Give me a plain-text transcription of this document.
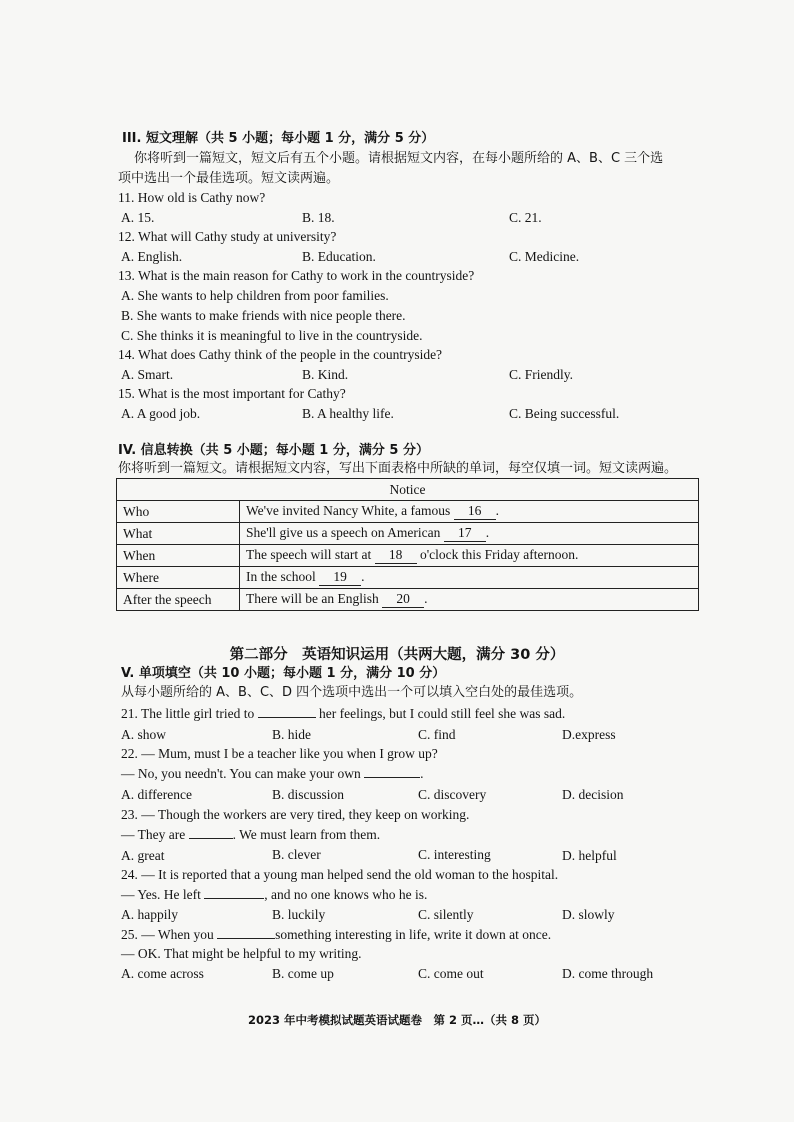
III. 短文理解（共 5 小题；每小题 1 分，满分 5 分）
你将听到一篇短文，短文后有五个小题。请根据短文内容，在每小题所给的 A、B、C 三个选
项中选出一个最佳选项。短文读两遍。
11. How old is Cathy now?
A. 15.	B. 18.	C. 21.
12. What will Cathy study at university?
A. English.	B. Education.	C. Medicine.
13. What is the main reason for Cathy to work in the countryside?
A. She wants to help children from poor families.
B. She wants to make friends with nice people there.
C. She thinks it is meaningful to live in the countryside.
14. What does Cathy think of the people in the countryside?
A. Smart.	B. Kind.	C. Friendly.
15. What is the most important for Cathy?
A. A good job.	B. A healthy life.	C. Being successful.
IV. 信息转换（共 5 小题；每小题 1 分，满分 5 分）
你将听到一篇短文。请根据短文内容，写出下面表格中所缺的单词，每空仅填一词。短文读两遍。
Notice	
Who	We've invited Nancy White, a famous 16 .
What	She'll give us a speech on American 17 .
When	The speech will start at 18 o'clock this Friday afternoon.
Where	In the school 19 .
After the speech	There will be an English 20 .
第二部分　英语知识运用（共两大题，满分 30 分）
V. 单项填空（共 10 小题；每小题 1 分，满分 10 分）
从每小题所给的 A、B、C、D 四个选项中选出一个可以填入空白处的最佳选项。
21. The little girl tried to	her feelings, but I could still feel she was sad.
A. show	B. hide	C. find	D.express
22. — Mum, must I be a teacher like you when I grow up?
— No, you needn't. You can make your own	.
A. difference	B. discussion	C. discovery	D. decision
23. — Though the workers are very tired, they keep on working.
— They are	. We must learn from them.
A. great	B. clever	C. interesting	D. helpful
24. — It is reported that a young man helped send the old woman to the hospital.
— Yes. He left	, and no one knows who he is.
A. happily	B. luckily	C. silently	D. slowly
25. — When you	something interesting in life, write it down at once.
— OK. That might be helpful to my writing.
A. come across	B. come up	C. come out	D. come through
2023 年中考模拟试题英语试题卷　第 2 页…（共 8 页）
